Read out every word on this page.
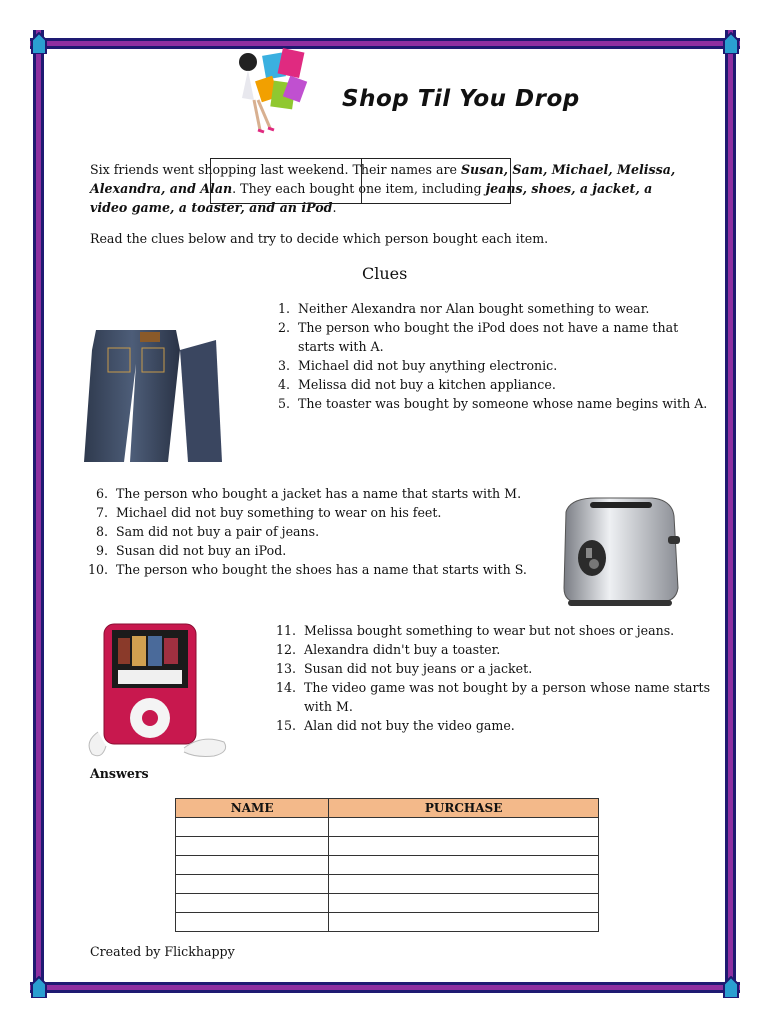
Shop Til You Drop

Six friends went shopping last weekend. Their names are Susan, Sam, Michael, Melissa, Alexandra, and Alan. They each bought one item, including jeans, shoes, a jacket, a video game, a toaster, and an iPod.

Read the clues below and try to decide which person bought each item.
Clues
1. Neither Alexandra nor Alan bought something to wear.
2. The person who bought the iPod does not have a name that starts with A.
3. Michael did not buy anything electronic.
4. Melissa did not buy a kitchen appliance.
5. The toaster was bought by someone whose name begins with A.
6. The person who bought a jacket has a name that starts with M.
7. Michael did not buy something to wear on his feet.
8. Sam did not buy a pair of jeans.
9. Susan did not buy an iPod.
10. The person who bought the shoes has a name that starts with S.
11. Melissa bought something to wear but not shoes or jeans.
12. Alexandra didn't buy a toaster.
13. Susan did not buy jeans or a jacket.
14. The video game was not bought by a person whose name starts with M.
15. Alan did not buy the video game.
Answers
NAME	PURCHASE

Created by Flickhappy
